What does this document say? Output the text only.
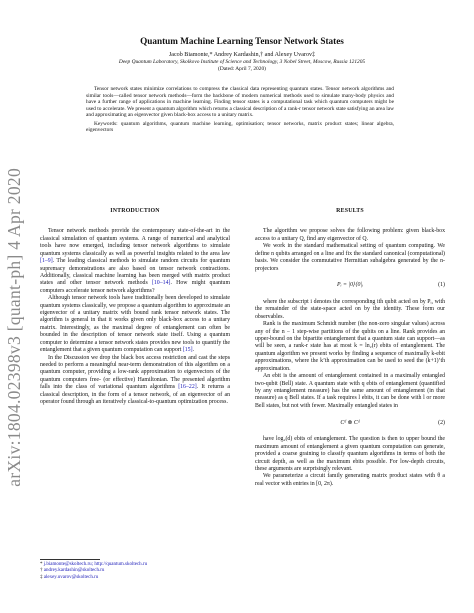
arXiv:1804.02398v3 [quant-ph] 4 Apr 2020
Quantum Machine Learning Tensor Network States
Jacob Biamonte,* Andrey Kardashin,† and Alexey Uvarov‡
Deep Quantum Laboratory, Skolkovo Institute of Science and Technology, 3 Nobel Street, Moscow, Russia 121205
(Dated: April 7, 2020)

Tensor network states minimize correlations to compress the classical data representing quantum states. Tensor network algorithms and similar tools—called tensor network methods—form the backbone of modern numerical methods used to simulate many-body physics and have a further range of applications in machine learning. Finding tensor states is a computational task which quantum computers might be used to accelerate. We present a quantum algorithm which returns a classical description of a rank-r tensor network state satisfying an area law and approximating an eigenvector given black-box access to a unitary matrix.

Keywords: quantum algorithms, quantum machine learning, optimisation; tensor networks, matrix product states; linear algebra, eigenvectors

INTRODUCTION

Tensor network methods provide the contemporary state-of-the-art in the classical simulation of quantum systems. A range of numerical and analytical tools have now emerged, including tensor network algorithms to simulate quantum systems classically as well as powerful insights related to the area law [1–9]. The leading classical methods to simulate random circuits for quantum supremacy demonstrations are also based on tensor network contractions. Additionally, classical machine learning has been merged with matrix product states and other tensor network methods [10–14]. How might quantum computers accelerate tensor network algorithms?

Although tensor network tools have traditionally been developed to simulate quantum systems classically, we propose a quantum algorithm to approximate an eigenvector of a unitary matrix with bound rank tensor network states. The algorithm is general in that it works given only black-box access to a unitary matrix. Interestingly, as the maximal degree of entanglement can often be bounded in the description of tensor network state itself. Using a quantum computer to determine a tensor network states provides new tools to quantify the entanglement that a given quantum computation can support [15].

In the Discussion we drop the black box access restriction and cast the steps needed to perform a meaningful near-term demonstration of this algorithm on a quantum computer, providing a low-rank approximation to eigenvectors of the quantum computers free- (or effective) Hamiltonian. The presented algorithm falls into the class of variational quantum algorithms [16–22]. It returns a classical description, in the form of a tensor network, of an eigenvector of an operator found through an iteratively classical-to-quantum optimization process.

RESULTS

The algorithm we propose solves the following problem: given black-box access to a unitary Q, find any eigenvector of Q.

We work in the standard mathematical setting of quantum computing. We define n qubits arranged on a line and fix the standard canonical (computational) basis. We consider the commutative Hermitian subalgebra generated by the n-projectors

Pᵢ = |0⟩⟨0|ᵢ	(1)

where the subscript i denotes the corresponding ith qubit acted on by Pᵢ, with the remainder of the state-space acted on by the identity. These form our observables.

Rank is the maximum Schmidt number (the non-zero singular values) across any of the n − 1 step-wise partitions of the qubits on a line. Rank provides an upper-bound on the bipartite entanglement that a quantum state can support—as will be seen, a rank-r state has at most k = ln₂(r) ebits of entanglement. The quantum algorithm we present works by finding a sequence of maximally k-ebit approximations, where the k’th approximation can be used to seed the (k+1)’th approximation.

An ebit is the amount of entanglement contained in a maximally entangled two-qubit (Bell) state. A quantum state with q ebits of entanglement (quantified by any entanglement measure) has the same amount of entanglement (in that measure) as q Bell states. If a task requires l ebits, it can be done with l or more Bell states, but not with fewer. Maximally entangled states in

Cᵈ ⊗ Cᵈ	(2)

have log₂(d) ebits of entanglement. The question is then to upper bound the maximum amount of entanglement a given quantum computation can generate, provided a coarse graining to classify quantum algorithms in terms of both the circuit depth, as well as the maximum ebits possible. For low-depth circuits, these arguments are surprisingly relevant.

We parameterize a circuit family generating matrix product states with θ a real vector with entries in [0, 2π).

* j.biamonte@skoltech.ru; http://quantum.skoltech.ru
† andrey.kardashin@skoltech.ru
‡ alexey.uvarov@skoltech.ru
